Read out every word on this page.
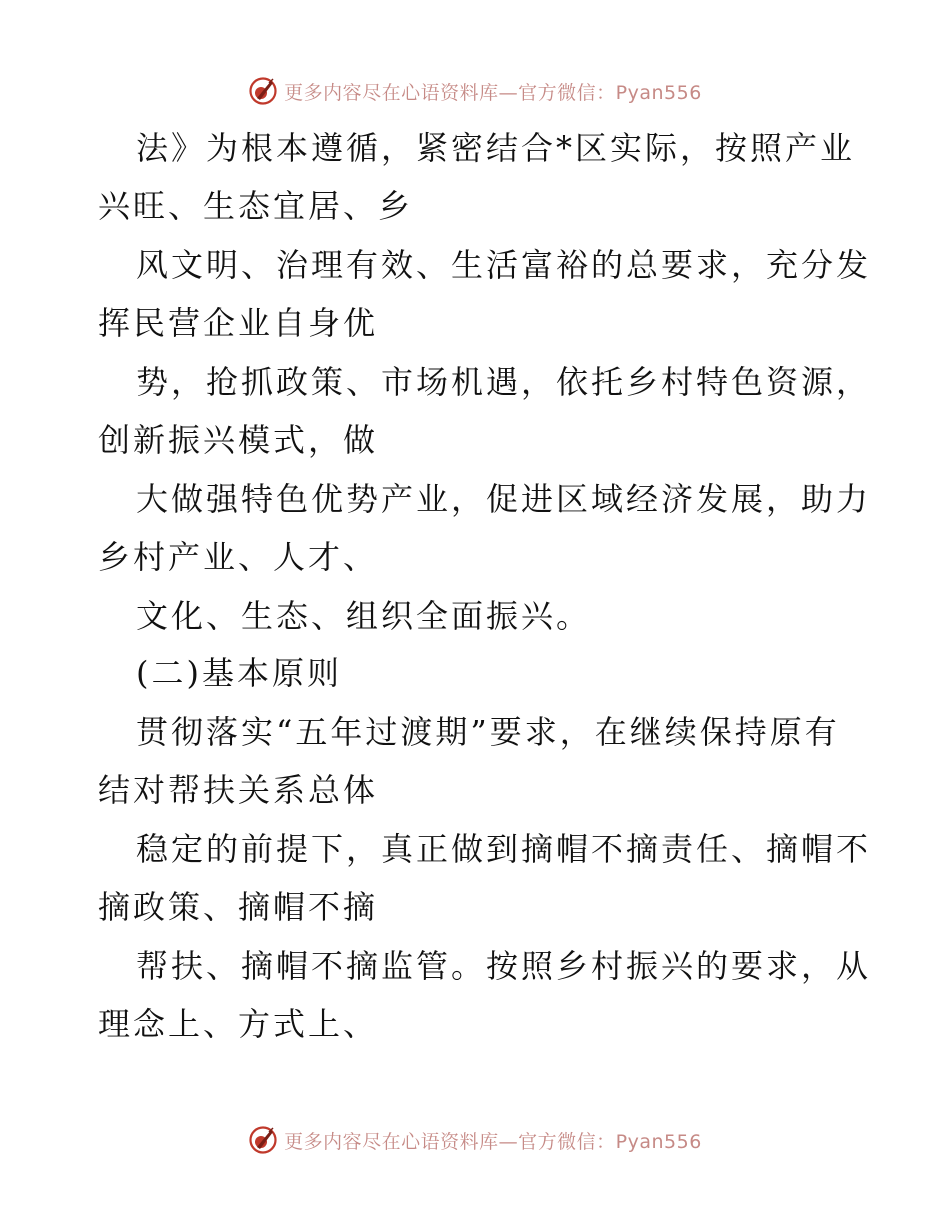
更多内容尽在心语资料库—官方微信：Pyan556
法》为根本遵循，紧密结合*区实际，按照产业
兴旺、生态宜居、乡
风文明、治理有效、生活富裕的总要求，充分发
挥民营企业自身优
势，抢抓政策、市场机遇，依托乡村特色资源，
创新振兴模式，做
大做强特色优势产业，促进区域经济发展，助力
乡村产业、人才、
文化、生态、组织全面振兴。
(二)基本原则
贯彻落实“五年过渡期”要求，在继续保持原有
结对帮扶关系总体
稳定的前提下，真正做到摘帽不摘责任、摘帽不
摘政策、摘帽不摘
帮扶、摘帽不摘监管。按照乡村振兴的要求，从
理念上、方式上、
更多内容尽在心语资料库—官方微信：Pyan556
